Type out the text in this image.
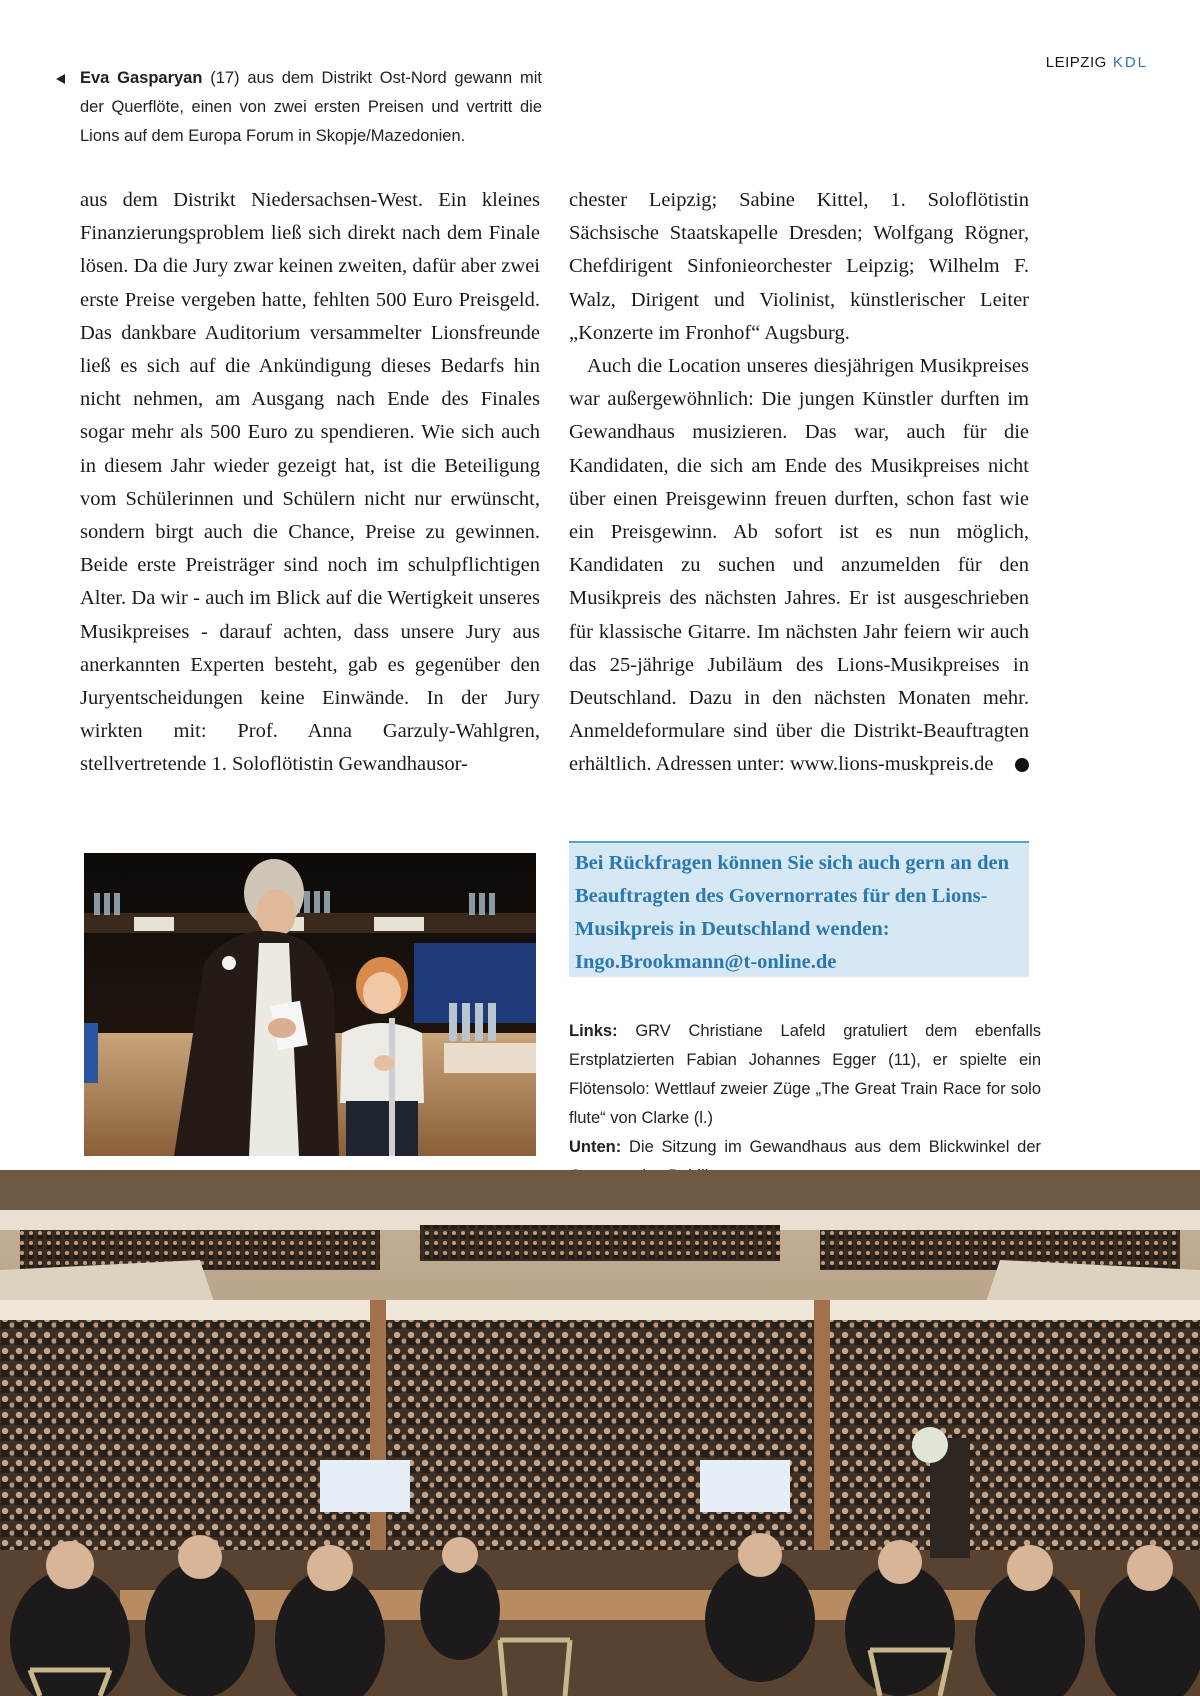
LEIPZIG KDL
Eva Gasparyan (17) aus dem Distrikt Ost-Nord gewann mit der Querflöte, einen von zwei ersten Preisen und vertritt die Lions auf dem Europa Forum in Skopje/Mazedonien.

aus dem Distrikt Niedersachsen-West. Ein kleines Finanzierungsproblem ließ sich direkt nach dem Finale lösen. Da die Jury zwar keinen zweiten, dafür aber zwei erste Preise vergeben hatte, fehlten 500 Euro Preisgeld. Das dankbare Auditorium versammelter Lionsfreunde ließ es sich auf die Ankündigung dieses Bedarfs hin nicht nehmen, am Ausgang nach Ende des Finales sogar mehr als 500 Euro zu spendieren. Wie sich auch in diesem Jahr wieder gezeigt hat, ist die Beteiligung vom Schülerinnen und Schülern nicht nur erwünscht, sondern birgt auch die Chance, Preise zu gewinnen. Beide erste Preisträger sind noch im schulpflichtigen Alter. Da wir - auch im Blick auf die Wertigkeit unseres Musikpreises - darauf achten, dass unsere Jury aus anerkannten Experten besteht, gab es gegenüber den Juryentscheidungen keine Einwände. In der Jury wirkten mit: Prof. Anna Garzuly-Wahlgren, stellvertretende 1. Soloflötistin Gewandhausor-

chester Leipzig; Sabine Kittel, 1. Soloflötistin Sächsische Staatskapelle Dresden; Wolfgang Rögner, Chefdirigent Sinfonieorchester Leipzig; Wilhelm F. Walz, Dirigent und Violinist, künstlerischer Leiter „Konzerte im Fronhof“ Augsburg.

Auch die Location unseres diesjährigen Musikpreises war außergewöhnlich: Die jungen Künstler durften im Gewandhaus musizieren. Das war, auch für die Kandidaten, die sich am Ende des Musikpreises nicht über einen Preisgewinn freuen durften, schon fast wie ein Preisgewinn. Ab sofort ist es nun möglich, Kandidaten zu suchen und anzumelden für den Musikpreis des nächsten Jahres. Er ist ausgeschrieben für klassische Gitarre. Im nächsten Jahr feiern wir auch das 25-jährige Jubiläum des Lions-Musikpreises in Deutschland. Dazu in den nächsten Monaten mehr. Anmeldeformulare sind über die Distrikt-Beauftragten erhältlich. Adressen unter: www.lions-muskpreis.de	L

Bei Rückfragen können Sie sich auch gern an den Beauftragten des Governorrates für den Lions-Musikpreis in Deutschland wenden: Ingo.Brookmann@t-online.de

Links: GRV Christiane Lafeld gratuliert dem ebenfalls Erstplatzierten Fabian Johannes Egger (11), er spielte ein Flötensolo: Wettlauf zweier Züge „The Great Train Race for solo flute“ von Clarke (l.)

Unten: Die Sitzung im Gewandhaus aus dem Blickwinkel der
